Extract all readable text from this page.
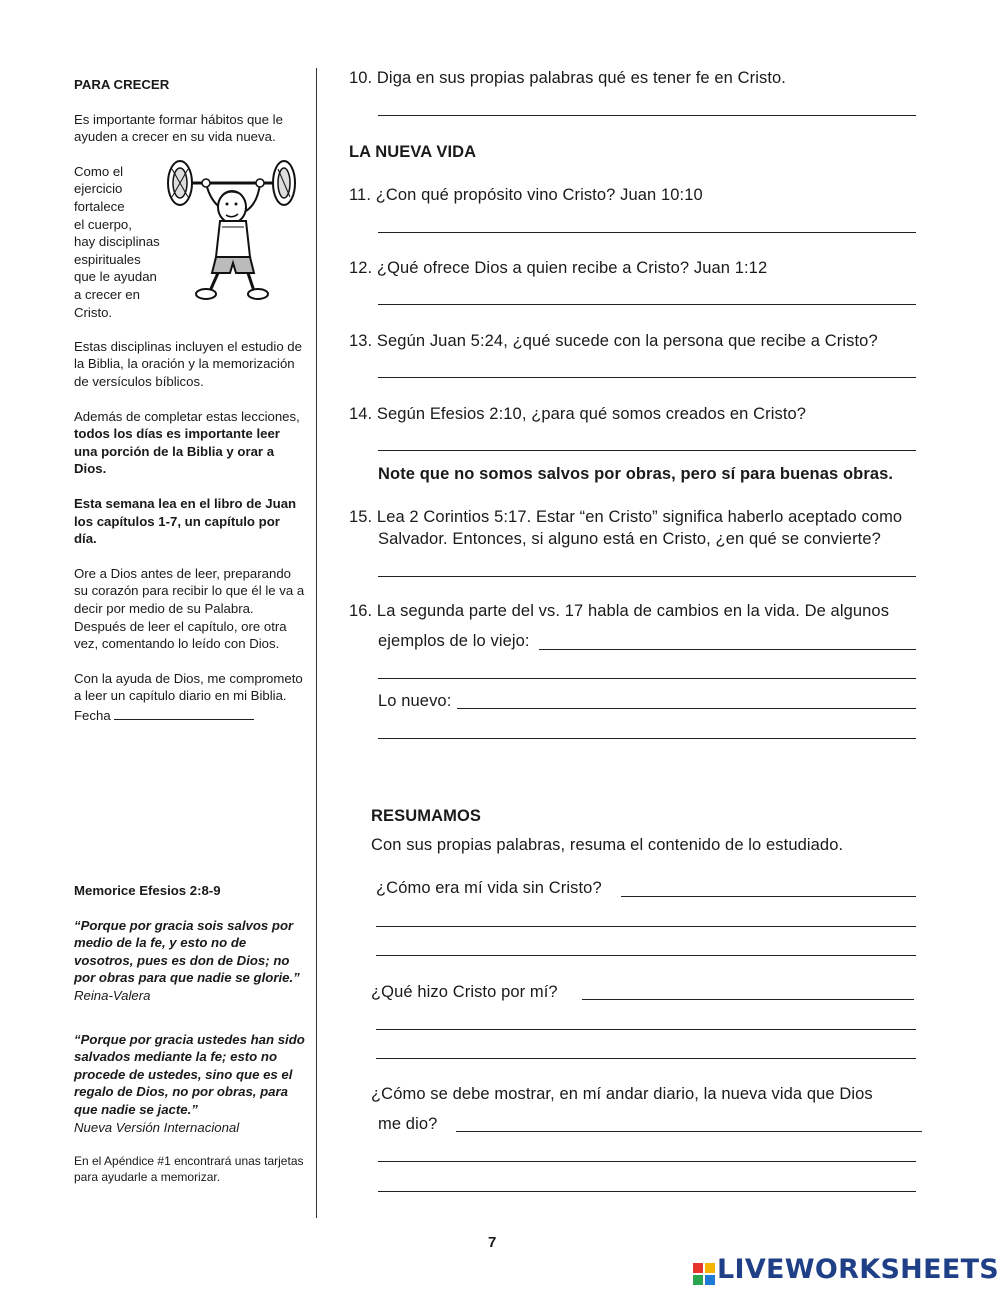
PARA CRECER
Es importante formar hábitos que le ayuden a crecer en su vida nueva.
Como el
ejercicio
fortalece
el cuerpo,
hay disciplinas
espirituales
que le ayudan
a crecer en
Cristo.
Estas disciplinas incluyen el estudio de la Biblia, la oración y la memorización de versículos bíblicos.
Además de completar estas lecciones, todos los días es importante leer una porción de la Biblia y orar a Dios.
Esta semana lea en el libro de Juan los capítulos 1-7, un capítulo por día.
Ore a Dios antes de leer, preparando su corazón para recibir lo que él le va a decir por medio de su Palabra. Después de leer el capítulo, ore otra vez, comentando lo leído con Dios.
Con la ayuda de Dios, me comprometo a leer un capítulo diario en mi Biblia.
Fecha
Memorice Efesios 2:8-9
“Porque por gracia sois salvos por medio de la fe, y esto no de vosotros, pues es don de Dios; no por obras para que nadie se glorie.”  Reina-Valera
“Porque por gracia ustedes han sido salvados mediante la fe; esto no procede de ustedes, sino que es el regalo de Dios, no por obras, para que nadie se jacte.”
Nueva Versión Internacional
En el Apéndice #1 encontrará unas tarjetas para ayudarle a memorizar.
10. Diga en sus propias palabras qué es tener fe en Cristo.
LA NUEVA VIDA
11. ¿Con qué propósito vino Cristo? Juan 10:10
12. ¿Qué ofrece Dios a quien recibe a Cristo? Juan 1:12
13. Según Juan 5:24, ¿qué sucede con la persona que recibe a Cristo?
14. Según Efesios 2:10, ¿para qué somos creados en Cristo?
Note que no somos salvos por obras, pero sí para buenas obras.
15. Lea 2 Corintios 5:17. Estar “en Cristo” significa haberlo aceptado como
Salvador. Entonces, si alguno está en Cristo, ¿en qué se convierte?
16. La segunda parte del vs. 17 habla de cambios en la vida. De algunos
ejemplos de lo viejo:
Lo nuevo:
RESUMAMOS
Con sus propias palabras, resuma el contenido de lo estudiado.
¿Cómo era mí vida sin Cristo?
¿Qué hizo Cristo por mí?
¿Cómo se debe mostrar, en mí andar diario, la nueva vida que Dios
me dio?
7
LIVEWORKSHEETS
